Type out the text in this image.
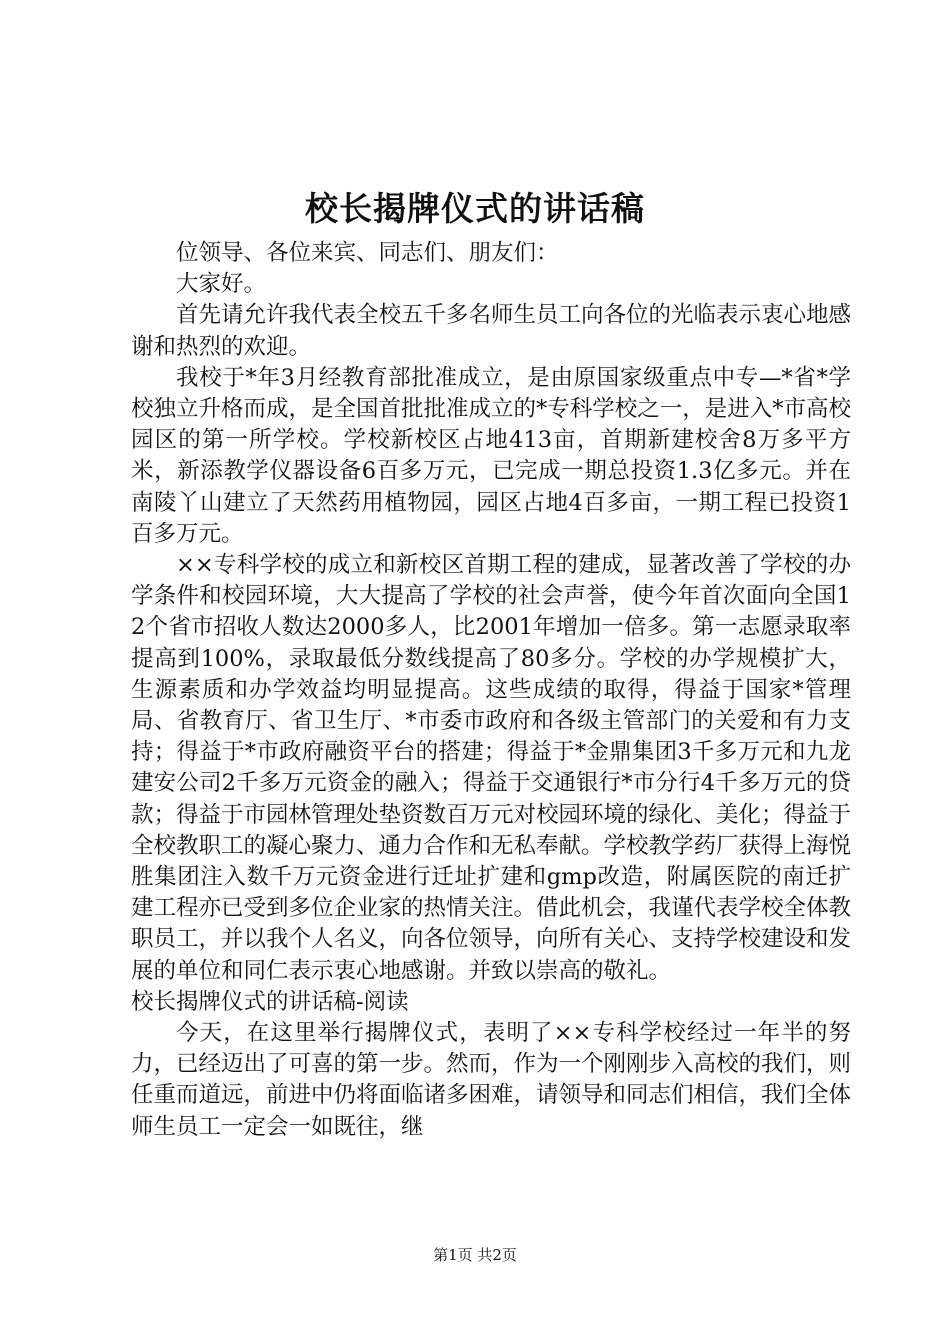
校长揭牌仪式的讲话稿

位领导、各位来宾、同志们、朋友们：

大家好。

首先请允许我代表全校五千多名师生员工向各位的光临表示衷心地感谢和热烈的欢迎。

我校于*年3月经教育部批准成立，是由原国家级重点中专—*省*学校独立升格而成，是全国首批批准成立的*专科学校之一，是进入*市高校园区的第一所学校。学校新校区占地413亩，首期新建校舍8万多平方米，新添教学仪器设备6百多万元，已完成一期总投资1.3亿多元。并在南陵丫山建立了天然药用植物园，园区占地4百多亩，一期工程已投资1百多万元。

××专科学校的成立和新校区首期工程的建成，显著改善了学校的办学条件和校园环境，大大提高了学校的社会声誉，使今年首次面向全国12个省市招收人数达2000多人，比2001年增加一倍多。第一志愿录取率提高到100%，录取最低分数线提高了80多分。学校的办学规模扩大，生源素质和办学效益均明显提高。这些成绩的取得，得益于国家*管理局、省教育厅、省卫生厅、*市委市政府和各级主管部门的关爱和有力支持；得益于*市政府融资平台的搭建；得益于*金鼎集团3千多万元和九龙建安公司2千多万元资金的融入；得益于交通银行*市分行4千多万元的贷款；得益于市园林管理处垫资数百万元对校园环境的绿化、美化；得益于全校教职工的凝心聚力、通力合作和无私奉献。学校教学药厂获得上海悦胜集团注入数千万元资金进行迁址扩建和gmp改造，附属医院的南迁扩建工程亦已受到多位企业家的热情关注。借此机会，我谨代表学校全体教职员工，并以我个人名义，向各位领导，向所有关心、支持学校建设和发展的单位和同仁表示衷心地感谢。并致以崇高的敬礼。

校长揭牌仪式的讲话稿-阅读

今天，在这里举行揭牌仪式，表明了××专科学校经过一年半的努力，已经迈出了可喜的第一步。然而，作为一个刚刚步入高校的我们，则任重而道远，前进中仍将面临诸多困难，请领导和同志们相信，我们全体师生员工一定会一如既往，继

第1页 共2页
